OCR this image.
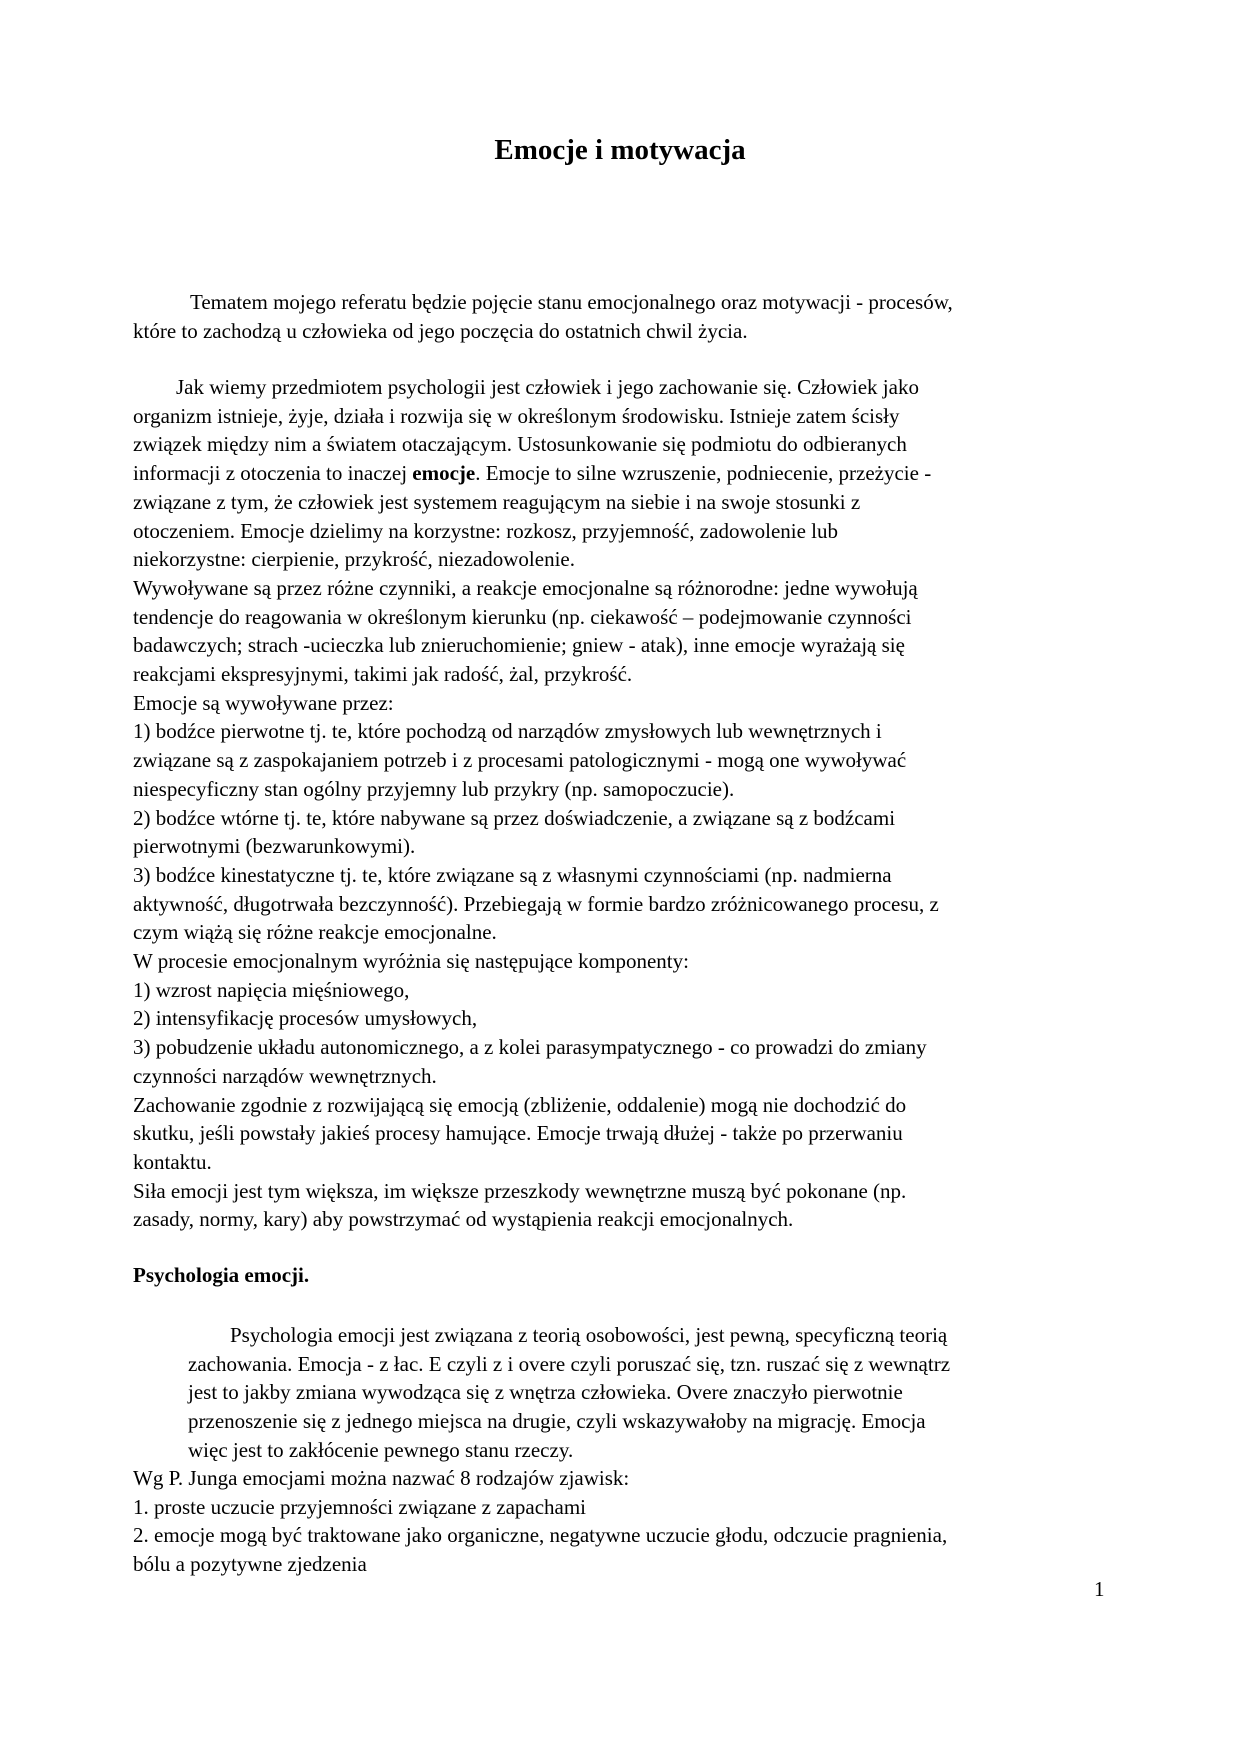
Emocje i motywacja
Tematem mojego referatu będzie pojęcie stanu emocjonalnego oraz motywacji - procesów,
które to zachodzą u człowieka od jego poczęcia do ostatnich chwil życia.
Jak wiemy przedmiotem psychologii jest człowiek i jego zachowanie się. Człowiek jako
organizm istnieje, żyje, działa i rozwija się w określonym środowisku. Istnieje zatem ścisły
związek między nim a światem otaczającym. Ustosunkowanie się podmiotu do odbieranych
informacji z otoczenia to inaczej emocje. Emocje to silne wzruszenie, podniecenie, przeżycie -
związane z tym, że człowiek jest systemem reagującym na siebie i na swoje stosunki z
otoczeniem. Emocje dzielimy na korzystne: rozkosz, przyjemność, zadowolenie lub
niekorzystne: cierpienie, przykrość, niezadowolenie.
Wywoływane są przez różne czynniki, a reakcje emocjonalne są różnorodne: jedne wywołują
tendencje do reagowania w określonym kierunku (np. ciekawość – podejmowanie czynności
badawczych; strach -ucieczka lub znieruchomienie; gniew - atak), inne emocje wyrażają się
reakcjami ekspresyjnymi, takimi jak radość, żal, przykrość.
Emocje są wywoływane przez:
1) bodźce pierwotne tj. te, które pochodzą od narządów zmysłowych lub wewnętrznych i
związane są z zaspokajaniem potrzeb i z procesami patologicznymi - mogą one wywoływać
niespecyficzny stan ogólny przyjemny lub przykry (np. samopoczucie).
2) bodźce wtórne tj. te, które nabywane są przez doświadczenie, a związane są z bodźcami
pierwotnymi (bezwarunkowymi).
3) bodźce kinestatyczne tj. te, które związane są z własnymi czynnościami (np. nadmierna
aktywność, długotrwała bezczynność). Przebiegają w formie bardzo zróżnicowanego procesu, z
czym wiążą się różne reakcje emocjonalne.
W procesie emocjonalnym wyróżnia się następujące komponenty:
1) wzrost napięcia mięśniowego,
2) intensyfikację procesów umysłowych,
3) pobudzenie układu autonomicznego, a z kolei parasympatycznego - co prowadzi do zmiany
czynności narządów wewnętrznych.
Zachowanie zgodnie z rozwijającą się emocją (zbliżenie, oddalenie) mogą nie dochodzić do
skutku, jeśli powstały jakieś procesy hamujące. Emocje trwają dłużej - także po przerwaniu
kontaktu.
Siła emocji jest tym większa, im większe przeszkody wewnętrzne muszą być pokonane (np.
zasady, normy, kary) aby powstrzymać od wystąpienia reakcji emocjonalnych.
Psychologia emocji.
Psychologia emocji jest związana z teorią osobowości, jest pewną, specyficzną teorią
zachowania. Emocja - z łac. E czyli z i overe czyli poruszać się, tzn. ruszać się z wewnątrz
jest to jakby zmiana wywodząca się z wnętrza człowieka. Overe znaczyło pierwotnie
przenoszenie się z jednego miejsca na drugie, czyli wskazywałoby na migrację. Emocja
więc jest to zakłócenie pewnego stanu rzeczy.
Wg P. Junga emocjami można nazwać 8 rodzajów zjawisk:
1. proste uczucie przyjemności związane z zapachami
2. emocje mogą być traktowane jako organiczne, negatywne uczucie głodu, odczucie pragnienia,
bólu a pozytywne zjedzenia
1
